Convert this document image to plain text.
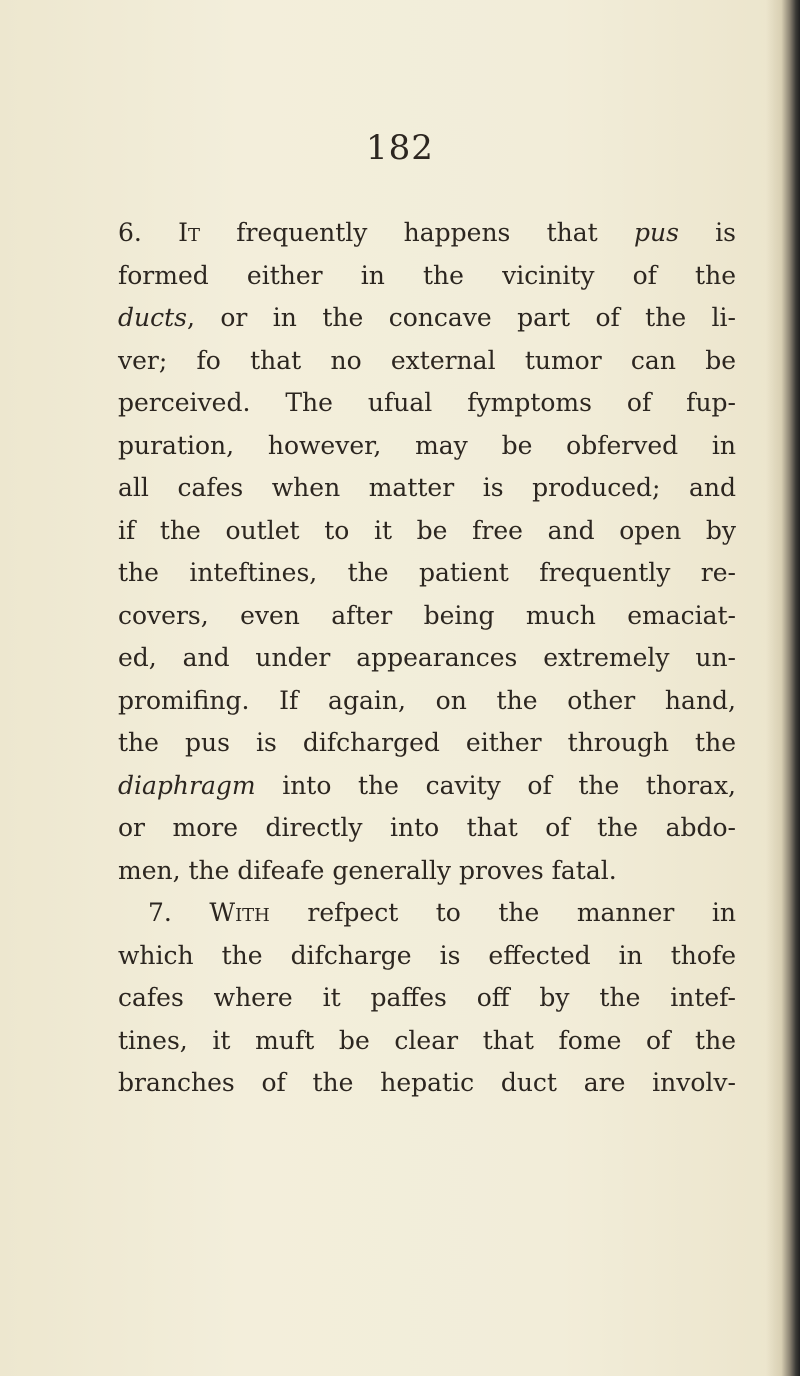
182
6. It frequently happens that pus is
formed either in the vicinity of the
ducts, or in the concave part of the li-
ver; fo that no external tumor can be
perceived. The ufual fymptoms of fup-
puration, however, may be obferved in
all cafes when matter is produced; and
if the outlet to it be free and open by
the inteftines, the patient frequently re-
covers, even after being much emaciat-
ed, and under appearances extremely un-
promifing. If again, on the other hand,
the pus is difcharged either through the
diaphragm into the cavity of the thorax,
or more directly into that of the abdo-
men, the difeafe generally proves fatal.
7. With refpect to the manner in
which the difcharge is effected in thofe
cafes where it paffes off by the intef-
tines, it muft be clear that fome of the
branches of the hepatic duct are involv-
